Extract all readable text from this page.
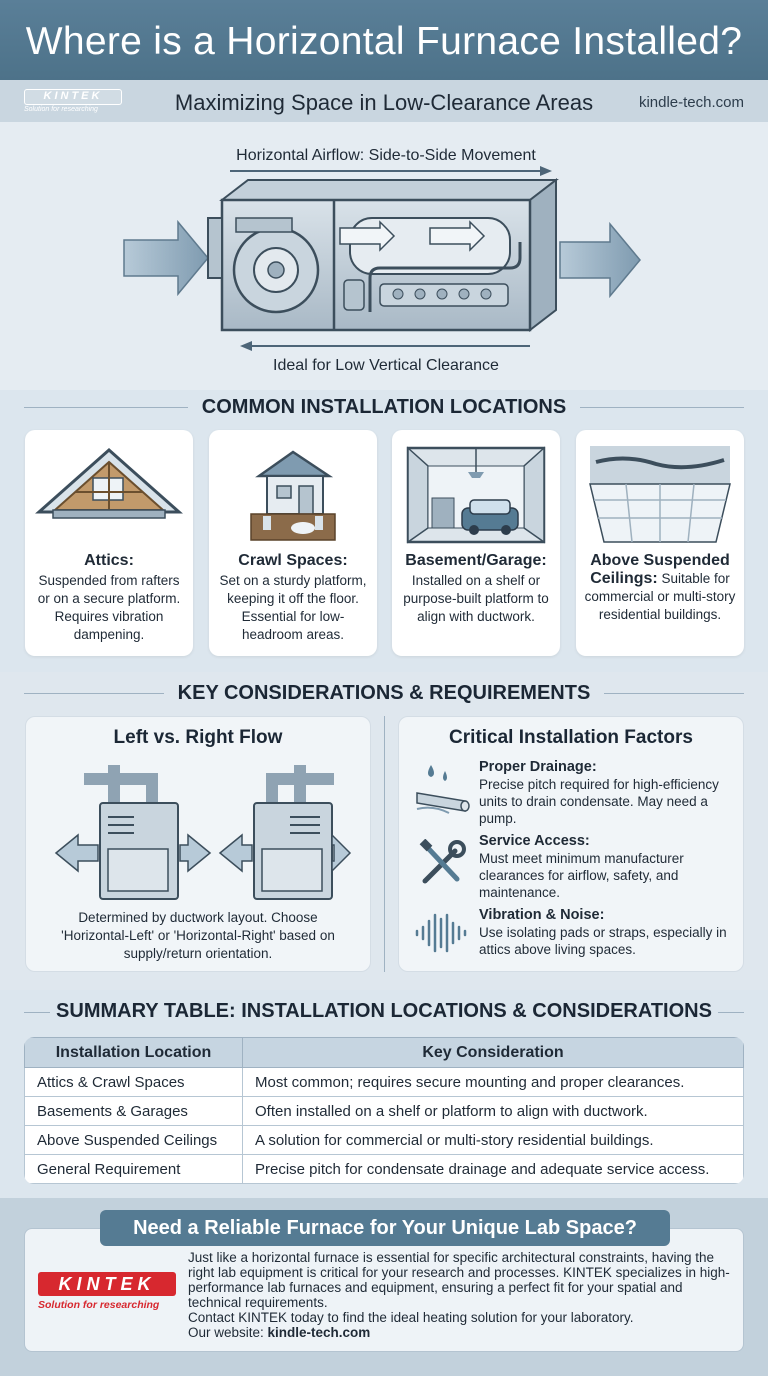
Where is a Horizontal Furnace Installed?
KINTEK
Solution for researching	Maximizing Space in Low-Clearance Areas	kindle-tech.com
Horizontal Airflow: Side-to-Side Movement
Ideal for Low Vertical Clearance
COMMON INSTALLATION LOCATIONS
Attics:
Suspended from rafters or on a secure platform. Requires vibration dampening.
Crawl Spaces:
Set on a sturdy platform, keeping it off the floor. Essential for low-headroom areas.
Basement/Garage:
Installed on a shelf or purpose-built platform to align with ductwork.
Above Suspended Ceilings: Suitable for commercial or multi-story residential buildings.
KEY CONSIDERATIONS & REQUIREMENTS
Left vs. Right Flow
Determined by ductwork layout. Choose 'Horizontal-Left' or 'Horizontal-Right' based on supply/return orientation.
Critical Installation Factors
Proper Drainage:
Precise pitch required for high-efficiency units to drain condensate. May need a pump.
Service Access:
Must meet minimum manufacturer clearances for airflow, safety, and maintenance.
Vibration & Noise:
Use isolating pads or straps, especially in attics above living spaces.
SUMMARY TABLE: INSTALLATION LOCATIONS & CONSIDERATIONS
Installation Location	Key Consideration
Attics & Crawl Spaces	Most common; requires secure mounting and proper clearances.
Basements & Garages	Often installed on a shelf or platform to align with ductwork.
Above Suspended Ceilings	A solution for commercial or multi-story residential buildings.
General Requirement	Precise pitch for condensate drainage and adequate service access.
Need a Reliable Furnace for Your Unique Lab Space?
KINTEK
Solution for researching
Just like a horizontal furnace is essential for specific architectural constraints, having the right lab equipment is critical for your research and processes. KINTEK specializes in high-performance lab furnaces and equipment, ensuring a perfect fit for your spatial and technical requirements.
Contact KINTEK today to find the ideal heating solution for your laboratory.
Our website: kindle-tech.com
